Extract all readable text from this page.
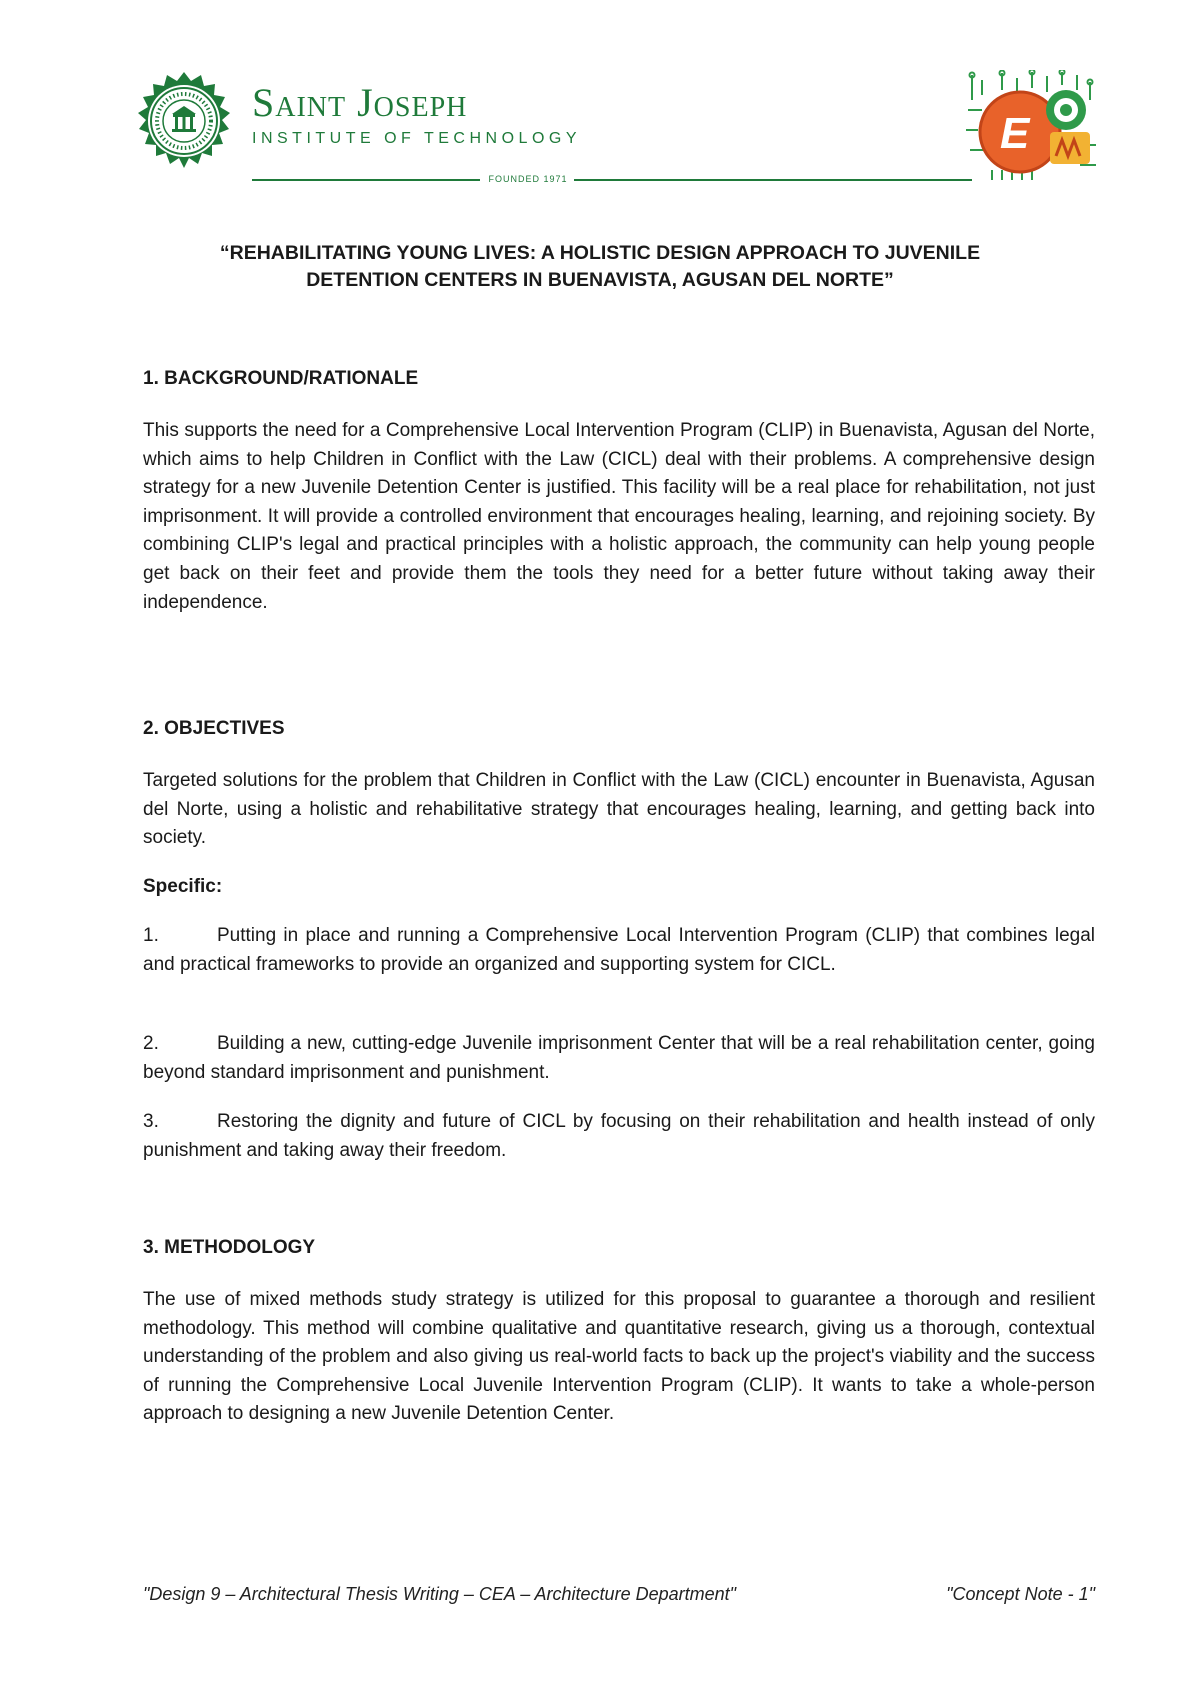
Saint Joseph
INSTITUTE OF TECHNOLOGY
FOUNDED 1971
E
“REHABILITATING YOUNG LIVES: A HOLISTIC DESIGN APPROACH TO JUVENILE
DETENTION CENTERS IN BUENAVISTA, AGUSAN DEL NORTE”
1. BACKGROUND/RATIONALE

This supports the need for a Comprehensive Local Intervention Program (CLIP) in Buenavista, Agusan del Norte, which aims to help Children in Conflict with the Law (CICL) deal with their problems. A comprehensive design strategy for a new Juvenile Detention Center is justified. This facility will be a real place for rehabilitation, not just imprisonment. It will provide a controlled environment that encourages healing, learning, and rejoining society. By combining CLIP's legal and practical principles with a holistic approach, the community can help young people get back on their feet and provide them the tools they need for a better future without taking away their independence.

2. OBJECTIVES

Targeted solutions for the problem that Children in Conflict with the Law (CICL) encounter in Buenavista, Agusan del Norte, using a holistic and rehabilitative strategy that encourages healing, learning, and getting back into society.

Specific:

1.	Putting in place and running a Comprehensive Local Intervention Program (CLIP) that combines legal and practical frameworks to provide an organized and supporting system for CICL.

2.	Building a new, cutting-edge Juvenile imprisonment Center that will be a real rehabilitation center, going beyond standard imprisonment and punishment.

3.	Restoring the dignity and future of CICL by focusing on their rehabilitation and health instead of only punishment and taking away their freedom.

3. METHODOLOGY

The use of mixed methods study strategy is utilized for this proposal to guarantee a thorough and resilient methodology. This method will combine qualitative and quantitative research, giving us a thorough, contextual understanding of the problem and also giving us real-world facts to back up the project's viability and the success of running the Comprehensive Local Juvenile Intervention Program (CLIP). It wants to take a whole-person approach to designing a new Juvenile Detention Center.

"Design 9 – Architectural Thesis Writing – CEA – Architecture Department"	"Concept Note - 1"
